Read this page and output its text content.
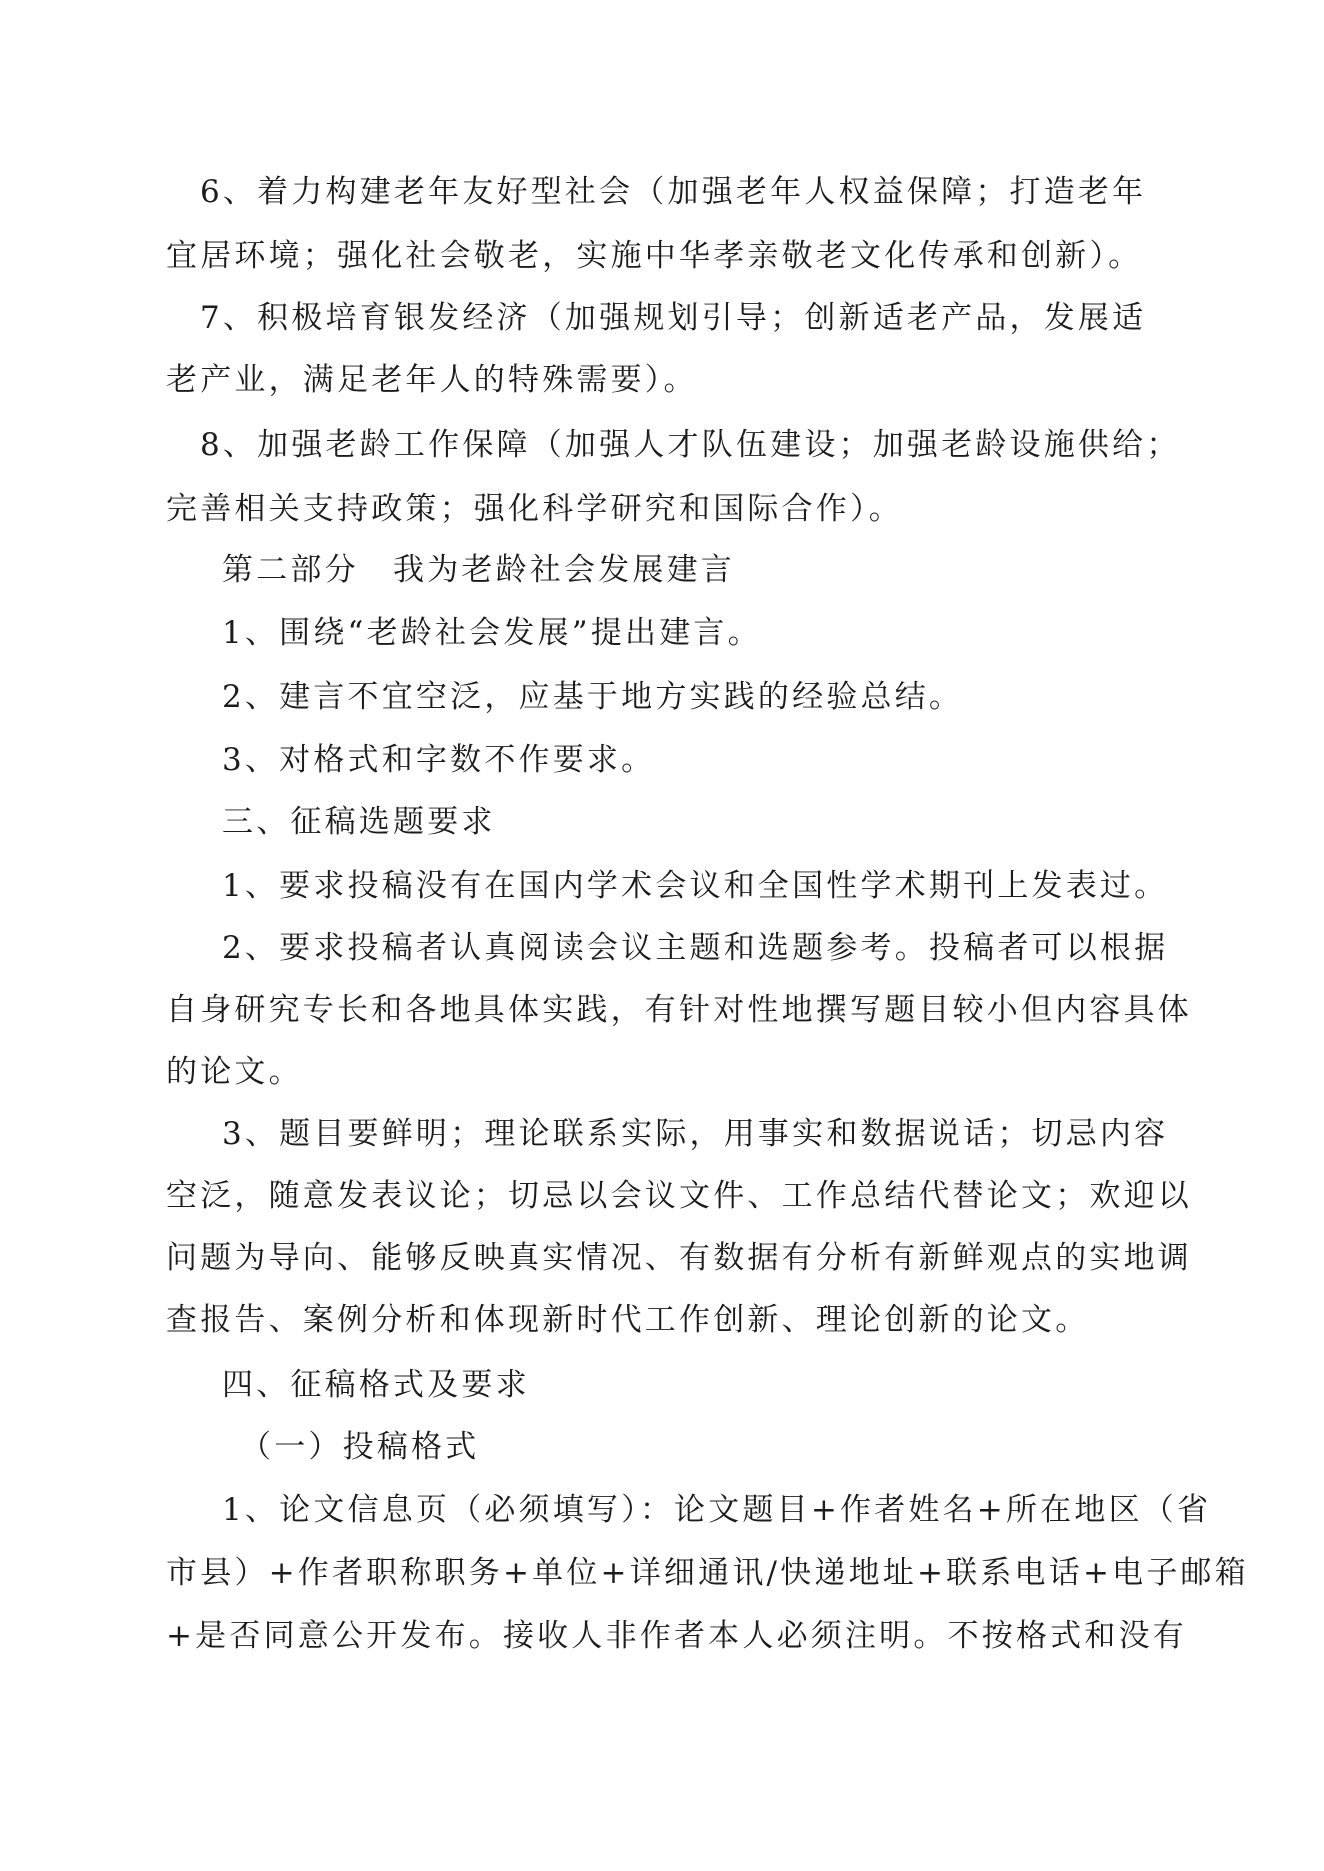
6、着力构建老年友好型社会（加强老年人权益保障；打造老年
宜居环境；强化社会敬老，实施中华孝亲敬老文化传承和创新）。
7、积极培育银发经济（加强规划引导；创新适老产品，发展适
老产业，满足老年人的特殊需要）。
8、加强老龄工作保障（加强人才队伍建设；加强老龄设施供给；
完善相关支持政策；强化科学研究和国际合作）。
第二部分　我为老龄社会发展建言
1、围绕“老龄社会发展”提出建言。
2、建言不宜空泛，应基于地方实践的经验总结。
3、对格式和字数不作要求。
三、征稿选题要求
1、要求投稿没有在国内学术会议和全国性学术期刊上发表过。
2、要求投稿者认真阅读会议主题和选题参考。投稿者可以根据
自身研究专长和各地具体实践，有针对性地撰写题目较小但内容具体
的论文。
3、题目要鲜明；理论联系实际，用事实和数据说话；切忌内容
空泛，随意发表议论；切忌以会议文件、工作总结代替论文；欢迎以
问题为导向、能够反映真实情况、有数据有分析有新鲜观点的实地调
查报告、案例分析和体现新时代工作创新、理论创新的论文。
四、征稿格式及要求
（一）投稿格式
1、论文信息页（必须填写）：论文题目+作者姓名+所在地区（省
市县）+作者职称职务+单位+详细通讯/快递地址+联系电话+电子邮箱
+是否同意公开发布。接收人非作者本人必须注明。不按格式和没有
